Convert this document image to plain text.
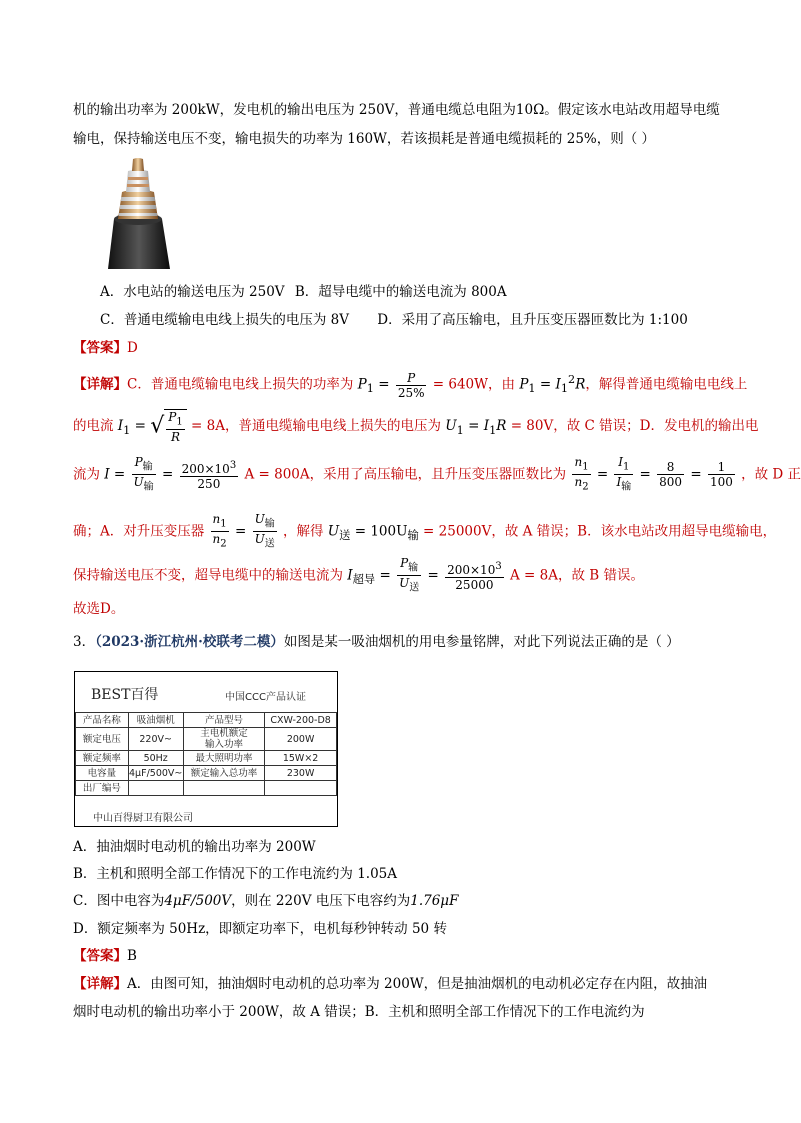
机的输出功率为 200kW，发电机的输出电压为 250V，普通电缆总电阻为10Ω。假定该水电站改用超导电缆
输电，保持输送电压不变，输电损失的功率为 160W，若该损耗是普通电缆损耗的 25%，则（ ）
A．水电站的输送电压为 250V B．超导电缆中的输送电流为 800A
C．普通电缆输电电线上损失的电压为 8V D．采用了高压输电，且升压变压器匝数比为 1:100
【答案】D
【详解】C．普通电缆输电电线上损失的功率为 $P_1 = \frac{P}{25\%} = 640W$，由 $P_1 = I_1^2R$，解得普通电缆输电电线上
的电流 $I_1$ = √ $\frac{P_1}{R} = 8A$，普通电缆输电电线上损失的电压为 $U_1 = I_1R = 80V$，故 C 错误；D．发电机的输出电
流为 $I = \frac{P_输}{U_输} = \frac{200\times 10^3}{250}$ A = 800A，采用了高压输电，且升压变压器匝数比为 $\frac{n_1}{n_2} = \frac{I_1}{I_输} = \frac{8}{800} = \frac{1}{100}$ ，故 D 正
确；A．对升压变压器 $\frac{n_1}{n_2} = \frac{U_输}{U_送}$ ，解得 $U_送 = 100U_输 = 25000V$，故 A 错误；B．该水电站改用超导电缆输电，
保持输送电压不变，超导电缆中的输送电流为 $I_{超导} = \frac{P_输}{U_送} = \frac{200\times 10^3}{25000}$ A = 8A，故 B 错误。
故选D。
3．（2023·浙江杭州·校联考二模）如图是某一吸油烟机的用电参量铭牌，对此下列说法正确的是（ ）
BEST百得	中国CCC产品认证
产品名称	吸油烟机	产品型号	CXW-200-D8
额定电压	220V~	主电机额定
输入功率	200W
额定频率	50Hz	最大照明功率	15W×2
电容量	4μF/500V~	额定输入总功率	230W
出厂编号			
中山百得厨卫有限公司
A．抽油烟时电动机的输出功率为 200W
B．主机和照明全部工作情况下的工作电流约为 1.05A
C．图中电容为4μF/500V，则在 220V 电压下电容约为1.76μF
D．额定频率为 50Hz，即额定功率下，电机每秒钟转动 50 转
【答案】B
【详解】A．由图可知，抽油烟时电动机的总功率为 200W，但是抽油烟机的电动机必定存在内阻，故抽油
烟时电动机的输出功率小于 200W，故 A 错误；B．主机和照明全部工作情况下的工作电流约为
